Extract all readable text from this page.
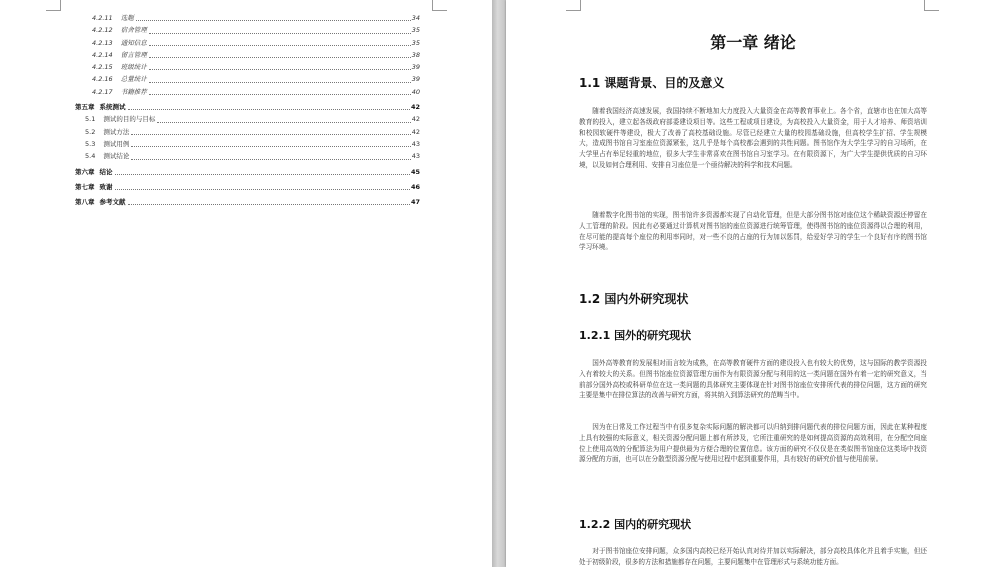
4.2.11 选题	34
4.2.12 宿舍管理	35
4.2.13 通知信息	35
4.2.14 留言管理	38
4.2.15 班级统计	39
4.2.16 总量统计	39
4.2.17 书籍推荐	40
第五章 系统测试	42
5.1 测试的目的与目标	42
5.2 测试方法	42
5.3 测试用例	43
5.4 测试结论	43
第六章 结论	45
第七章 致谢	46
第八章 参考文献	47
第一章 绪论
1.1 课题背景、目的及意义

随着我国经济高速发展，我国持续不断地加大力度投入大量资金在高等教育事业上。各个省，直辖市也在加大高等教育的投入，建立起各级政府部委建设项目等。这些工程或项目建设，为高校投入大量资金，用于人才培养、师资培训和校园软硬件等建设，极大了改善了高校基础设施。尽管已经建立大量的校园基础设施，但高校学生扩招、学生规模大，造成图书馆自习室座位资源紧张，这几乎是每个高校都会遇到的共性问题。图书馆作为大学生学习的自习场所，在大学里占有举足轻重的地位，很多大学生非常喜欢在图书馆自习室学习。在有限资源下，为广大学生提供优质的自习环境，以及如何合理利用、安排自习座位是一个亟待解决的科学和技术问题。

随着数字化图书馆的实现，图书馆许多资源都实现了自动化管理，但是大部分图书馆对座位这个稀缺资源还停留在人工管理的阶段。因此有必要通过计算机对图书馆的座位资源进行统筹管理，使得图书馆的座位资源得以合理的利用，在尽可能的提高每个座位的利用率同时，对一些不良的占座的行为加以惩罚，给爱好学习的学生一个良好有序的图书馆学习环境。

1.2 国内外研究现状
1.2.1 国外的研究现状

国外高等教育的发展相对而言较为成熟，在高等教育硬件方面的建设投入也有较大的优势，这与国际的教学资源投入有着较大的关系。但图书馆座位资源管理方面作为有限资源分配与利用的这一类问题在国外有着一定的研究意义，当前部分国外高校或科研单位在这一类问题的具体研究主要体现在针对图书馆座位安排所代表的排位问题，这方面的研究主要是集中在排位算法的改善与研究方面，将其纳入到算法研究的范畴当中。

因为在日常及工作过程当中有很多复杂实际问题的解决都可以归纳到排问题代表的排位问题方面，因此在某种程度上具有较强的实际意义，相关资源分配问题上都有所涉及，它所注重研究的是如何提高资源的高效利用，在分配空间座位上使用高效的分配算法为用户提供最为方便合理的位置信息。该方面的研究不仅仅是在类似图书馆座位这类场中找资源分配的方面，也可以在分散型资源分配与使用过程中起到重要作用，具有较好的研究价值与使用前景。

1.2.2 国内的研究现状

对于图书馆座位安排问题，众多国内高校已经开始认真对待并加以实际解决，部分高校具体化并且着手实施，但还处于初级阶段，很多的方法和措施都存在问题，主要问题集中在管理形式与系统功能方面。
